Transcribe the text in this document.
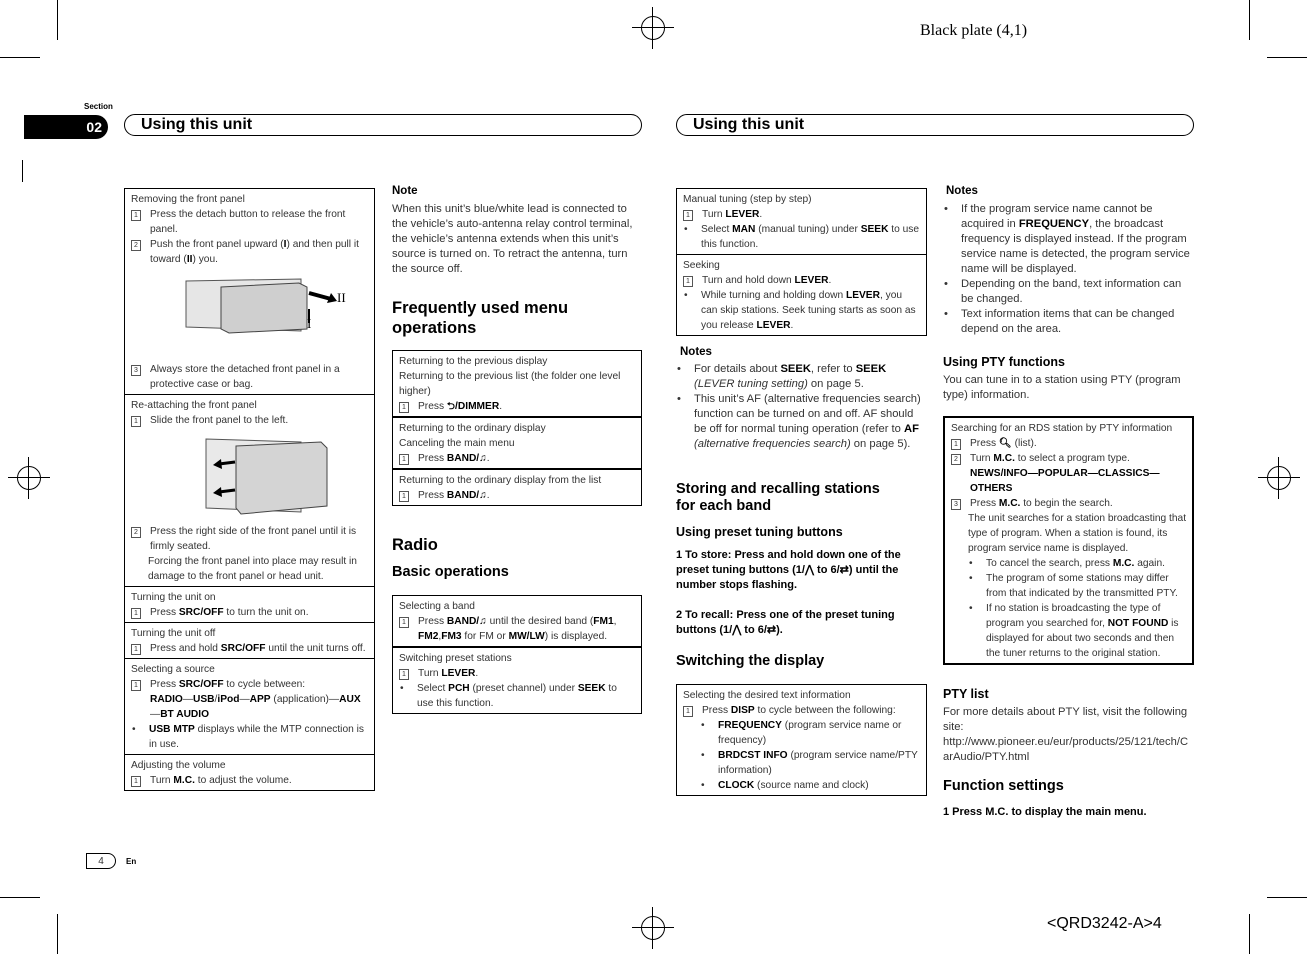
Black plate (4,1)
<QRD3242-A>4
Section
02	Using this unit	Using this unit
4	En
Removing the front panel
1 Press the detach button to release the front panel.
2 Push the front panel upward (I) and then pull it toward (II) you.
II
I
3 Always store the detached front panel in a protective case or bag.
Re-attaching the front panel
1 Slide the front panel to the left.
2 Press the right side of the front panel until it is firmly seated.
Forcing the front panel into place may result in damage to the front panel or head unit.
Turning the unit on
1 Press SRC/OFF to turn the unit on.
Turning the unit off
1 Press and hold SRC/OFF until the unit turns off.
Selecting a source
1 Press SRC/OFF to cycle between:
RADIO—USB/iPod—APP (application)—AUX
—BT AUDIO
•	USB MTP displays while the MTP connection is in use.
Adjusting the volume
1 Turn M.C. to adjust the volume.
Note
When this unit’s blue/white lead is connected to the vehicle’s auto-antenna relay control terminal, the vehicle’s antenna extends when this unit’s source is turned on. To retract the antenna, turn the source off.
Frequently used menu
operations
Returning to the previous display
Returning to the previous list (the folder one level higher)
1 Press ⮌/DIMMER.
Returning to the ordinary display
Canceling the main menu
1 Press BAND/♫.
Returning to the ordinary display from the list
1 Press BAND/♫.
Radio
Basic operations
Selecting a band
1 Press BAND/♫ until the desired band (FM1,
FM2,FM3 for FM or MW/LW) is displayed.
Switching preset stations
1 Turn LEVER.
•	Select PCH (preset channel) under SEEK to use this function.
Manual tuning (step by step)
1 Turn LEVER.
•	Select MAN (manual tuning) under SEEK to use this function.
Seeking
1 Turn and hold down LEVER.
•	While turning and holding down LEVER, you can skip stations. Seek tuning starts as soon as you release LEVER.
Notes
•	For details about SEEK, refer to SEEK (LEVER tuning setting) on page 5.
•	This unit’s AF (alternative frequencies search) function can be turned on and off. AF should be off for normal tuning operation (refer to AF (alternative frequencies search) on page 5).
Storing and recalling stations
for each band
Using preset tuning buttons
1 To store: Press and hold down one of the preset tuning buttons (1/⋀ to 6/⇄) until the number stops flashing.
2 To recall: Press one of the preset tuning buttons (1/⋀ to 6/⇄).
Switching the display
Selecting the desired text information
1 Press DISP to cycle between the following:
•	FREQUENCY (program service name or frequency)
•	BRDCST INFO (program service name/PTY information)
•	CLOCK (source name and clock)
Notes
•	If the program service name cannot be acquired in FREQUENCY, the broadcast frequency is displayed instead. If the program service name is detected, the program service name will be displayed.
•	Depending on the band, text information can be changed.
•	Text information items that can be changed depend on the area.
Using PTY functions
You can tune in to a station using PTY (program type) information.
Searching for an RDS station by PTY information
1 Press 🔍︎ (list).
2 Turn M.C. to select a program type.
NEWS/INFO—POPULAR—CLASSICS—OTHERS
3 Press M.C. to begin the search.
The unit searches for a station broadcasting that type of program. When a station is found, its program service name is displayed.
•	To cancel the search, press M.C. again.
•	The program of some stations may differ from that indicated by the transmitted PTY.
•	If no station is broadcasting the type of program you searched for, NOT FOUND is displayed for about two seconds and then the tuner returns to the original station.
PTY list
For more details about PTY list, visit the following site:
http://www.pioneer.eu/eur/products/25/121/tech/CarAudio/PTY.html
Function settings
1 Press M.C. to display the main menu.
